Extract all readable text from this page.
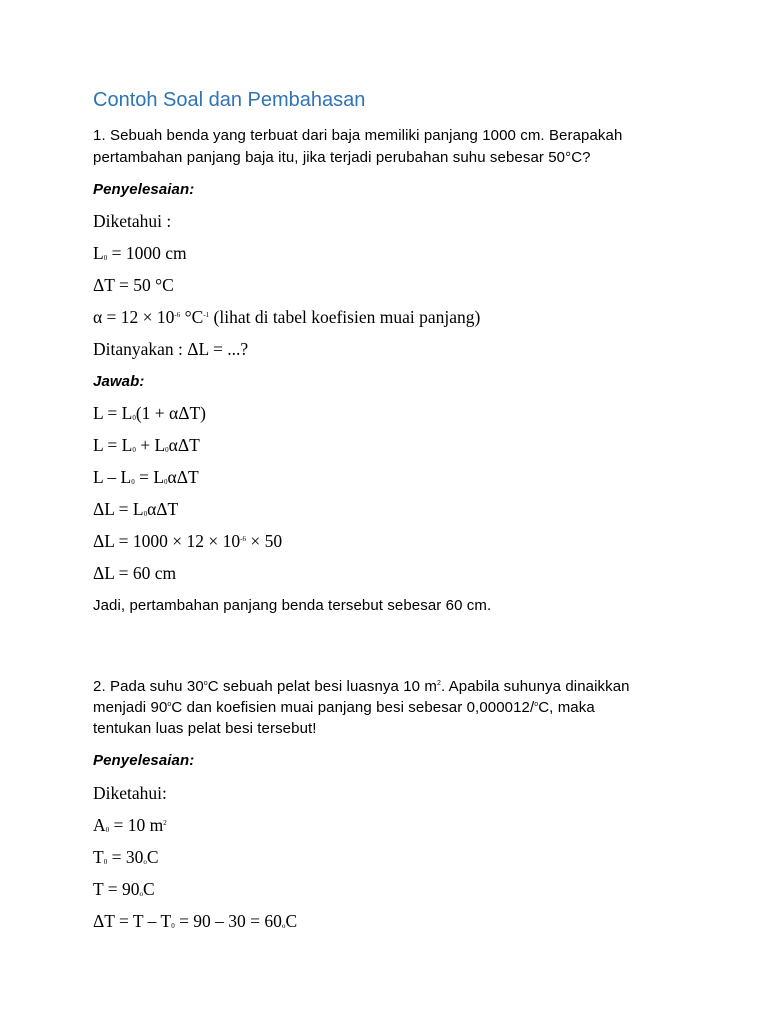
Contoh Soal dan Pembahasan
1. Sebuah benda yang terbuat dari baja memiliki panjang 1000 cm. Berapakah
pertambahan panjang baja itu, jika terjadi perubahan suhu sebesar 50°C?
Penyelesaian:
Diketahui :
$L_0 = 1000$ cm
ΔT = 50 °C
$\alpha = 12 \times 10^{-6}$ $^\circ C^{-1}$ (lihat di tabel koefisien muai panjang)
Ditanyakan : ΔL = ...?
Jawab:
$L = L_0(1 + \alpha\Delta T)$
$L = L_0 + L_0\alpha\Delta T$
$L - L_0 = L_0\alpha\Delta T$
$\Delta L = L_0\alpha\Delta T$
$\Delta L = 1000 \times 12 \times 10^{-6} \times 50$
ΔL = 60 cm
Jadi, pertambahan panjang benda tersebut sebesar 60 cm.
2. Pada suhu 30$^o$C sebuah pelat besi luasnya 10 $m^2$. Apabila suhunya dinaikkan
menjadi 90$^o$C dan koefisien muai panjang besi sebesar 0,000012/$^o$C, maka
tentukan luas pelat besi tersebut!
Penyelesaian:
Diketahui:
$A_0 = 10$ $m^2$
$T_0 = 30_oC$
$T = 90_oC$
$\Delta T = T - T_0 = 90 - 30 = 60_oC$
